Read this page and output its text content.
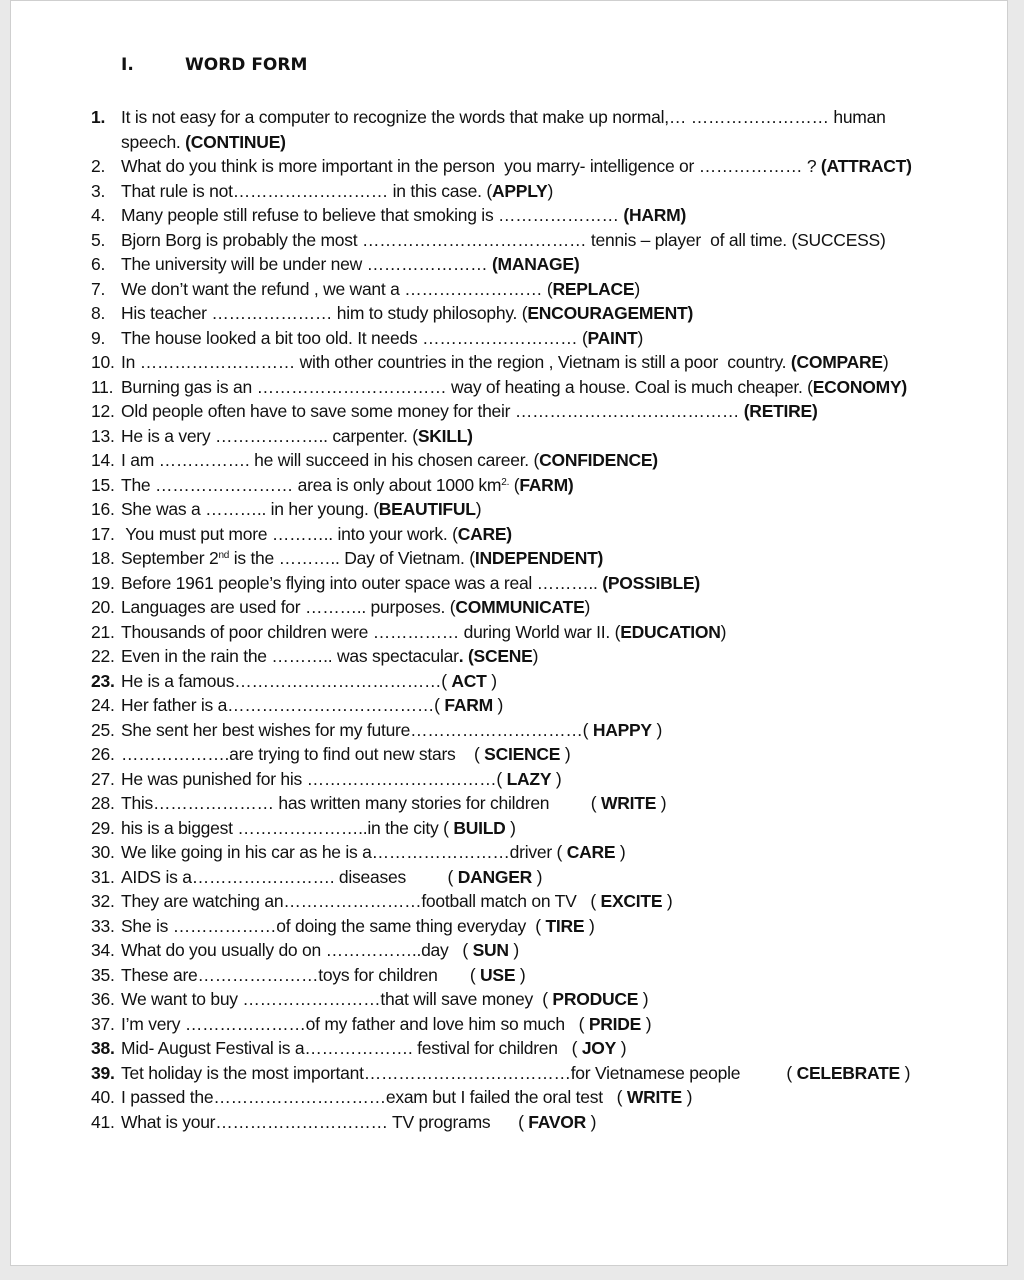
I.	WORD FORM
1. It is not easy for a computer to recognize the words that make up normal,… …………………… human speech. (CONTINUE)
2. What do you think is more important in the person  you marry- intelligence or ……………… ? (ATTRACT)
3. That rule is not……………………… in this case. (APPLY)
4. Many people still refuse to believe that smoking is ………………… (HARM)
5. Bjorn Borg is probably the most ………………………………… tennis – player  of all time. (SUCCESS)
6. The university will be under new ………………… (MANAGE)
7. We don’t want the refund , we want a …………………… (REPLACE)
8. His teacher ………………… him to study philosophy. (ENCOURAGEMENT)
9. The house looked a bit too old. It needs ……………………… (PAINT)
10. In ……………………… with other countries in the region , Vietnam is still a poor  country. (COMPARE)
11. Burning gas is an …………………………… way of heating a house. Coal is much cheaper. (ECONOMY)
12. Old people often have to save some money for their ………………………………… (RETIRE)
13. He is a very ……………….. carpenter. (SKILL)
14. I am ……………. he will succeed in his chosen career. (CONFIDENCE)
15. The …………………… area is only about 1000 $km^{2.}$ (FARM)
16. She was a ……….. in her young. (BEAUTIFUL)
17. You must put more ……….. into your work. (CARE)
18. September 2nd is the ……….. Day of Vietnam. (INDEPENDENT)
19. Before 1961 people’s flying into outer space was a real ……….. (POSSIBLE)
20. Languages are used for ……….. purposes. (COMMUNICATE)
21. Thousands of poor children were …………… during World war II. (EDUCATION)
22. Even in the rain the ……….. was spectacular. (SCENE)
23. He is a famous………………………………( ACT )
24. Her father is a………………………………( FARM )
25. She sent her best wishes for my future…………………………( HAPPY )
26. ……………….are trying to find out new stars    ( SCIENCE )
27. He was punished for his ……………………………( LAZY )
28. This………………… has written many stories for children         ( WRITE )
29. his is a biggest …………………..in the city ( BUILD )
30. We like going in his car as he is a……………………driver ( CARE )
31. AIDS is a……………………. diseases         ( DANGER )
32. They are watching an……………………football match on TV   ( EXCITE )
33. She is ………………of doing the same thing everyday  ( TIRE )
34. What do you usually do on ……………..day   ( SUN )
35. These are…………………toys for children       ( USE )
36. We want to buy ……………………that will save money  ( PRODUCE )
37. I’m very …………………of my father and love him so much   ( PRIDE )
38. Mid- August Festival is a………………. festival for children   ( JOY )
39. Tet holiday is the most important………………………………for Vietnamese people          ( CELEBRATE )
40. I passed the…………………………exam but I failed the oral test   ( WRITE )
41. What is your………………………… TV programs      ( FAVOR )
